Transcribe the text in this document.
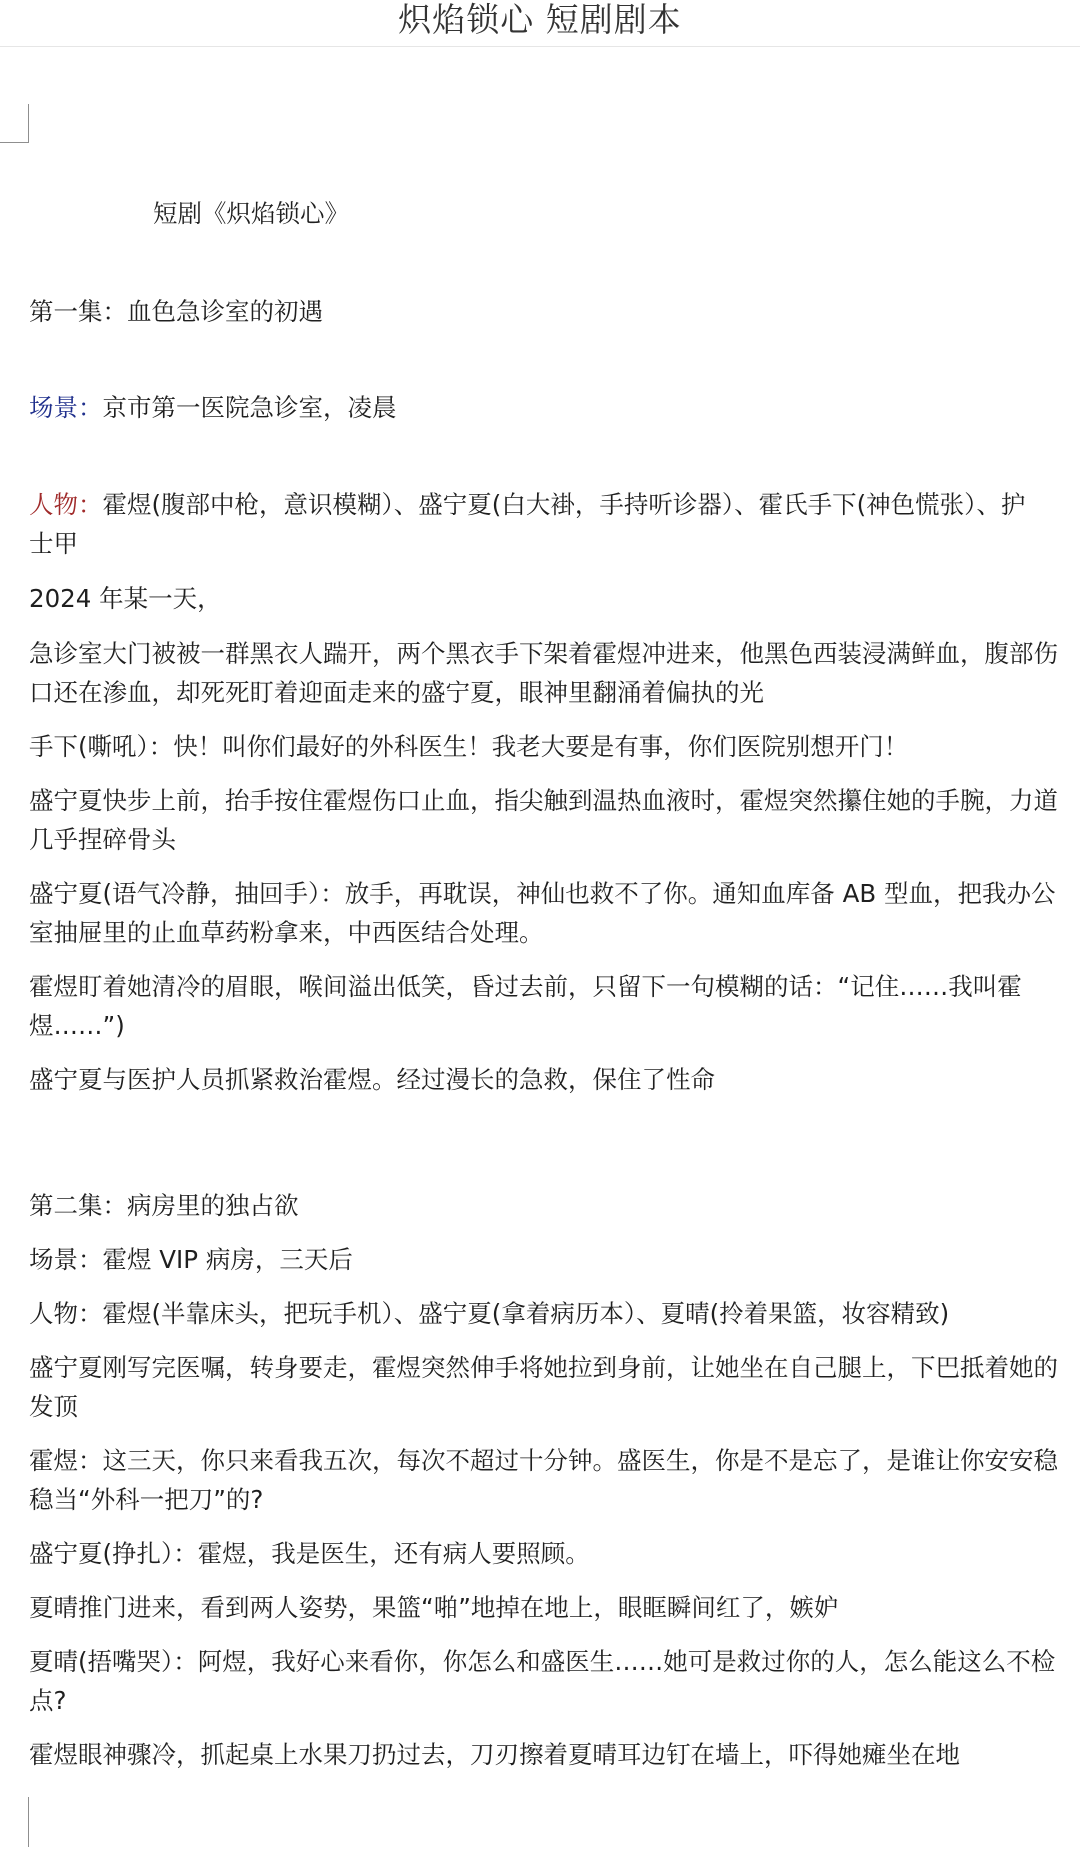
炽焰锁心 短剧剧本
短剧《炽焰锁心》
第一集：血色急诊室的初遇
场景：京市第一医院急诊室，凌晨
人物：霍煜(腹部中枪，意识模糊）、盛宁夏(白大褂，手持听诊器）、霍氏手下(神色慌张）、护
士甲
2024 年某一天，
急诊室大门被被一群黑衣人踹开，两个黑衣手下架着霍煜冲进来，他黑色西装浸满鲜血，腹部伤
口还在渗血，却死死盯着迎面走来的盛宁夏，眼神里翻涌着偏执的光
手下(嘶吼）：快！叫你们最好的外科医生！我老大要是有事，你们医院别想开门！
盛宁夏快步上前，抬手按住霍煜伤口止血，指尖触到温热血液时，霍煜突然攥住她的手腕，力道
几乎捏碎骨头
盛宁夏(语气冷静，抽回手）：放手，再耽误，神仙也救不了你。通知血库备 AB 型血，把我办公
室抽屉里的止血草药粉拿来，中西医结合处理。
霍煜盯着她清冷的眉眼，喉间溢出低笑，昏过去前，只留下一句模糊的话：“记住……我叫霍
煜……”)
盛宁夏与医护人员抓紧救治霍煜。经过漫长的急救，保住了性命
第二集：病房里的独占欲
场景：霍煜 VIP 病房，三天后
人物：霍煜(半靠床头，把玩手机）、盛宁夏(拿着病历本）、夏晴(拎着果篮，妆容精致)
盛宁夏刚写完医嘱，转身要走，霍煜突然伸手将她拉到身前，让她坐在自己腿上，下巴抵着她的
发顶
霍煜：这三天，你只来看我五次，每次不超过十分钟。盛医生，你是不是忘了，是谁让你安安稳
稳当“外科一把刀”的?
盛宁夏(挣扎）：霍煜，我是医生，还有病人要照顾。
夏晴推门进来，看到两人姿势，果篮“啪”地掉在地上，眼眶瞬间红了，嫉妒
夏晴(捂嘴哭）：阿煜，我好心来看你，你怎么和盛医生……她可是救过你的人，怎么能这么不检
点?
霍煜眼神骤冷，抓起桌上水果刀扔过去，刀刃擦着夏晴耳边钉在墙上，吓得她瘫坐在地
